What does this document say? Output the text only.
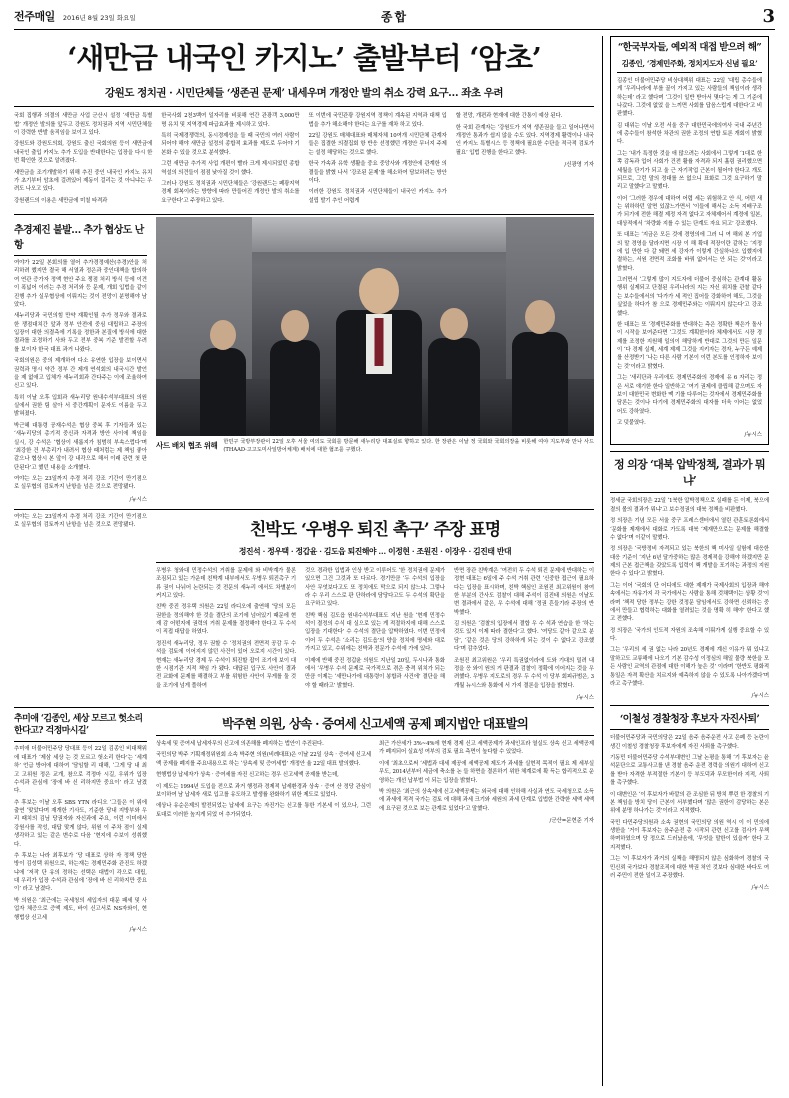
전주매일 2016년 8월 23일 화요일	종합	3
‘새만금 내국인 카지노’ 출발부터 ‘암초’
강원도 정치권 · 시민단체들 ‘생존권 문제’ 내세우며 개정안 발의 취소 강력 요구… 좌초 우려

국회 집행과 의결의 새만금 사업 군산시 설정 ‘새만금 특별법’ 개정안 발의를 앞두고 강원도 정치권과 지역 시민단체들이 강력한 반발 움직임을 보이고 있다.

강원도와 강원도의회, 강원도 출신 국회의원 등이 새만금에 내국인 출입 카지노 추가 도입을 반대한다는 입장을 다시 한번 확인한 것으로 알려졌다.

새만금을 조기개발하기 위해 추진 중인 내국인 카지노 유치가 초기부터 암초에 걸려있어 제동이 걸리는 것 아니냐는 우려도 나오고 있다.

강원랜드의 이용은 새만금에 미칠 타격과

한국사회 2천3백여 일자리를 비롯해 연간 관광객 3,000만명 유치 및 지역경제 파급효과를 제시하고 있다.

특히 국제경쟁력의, 동시경제성을 들 때 국민의 여러 사람이 되어야 해야 새만금 설정의 종합적 효과를 제도로 두어야 기본화 수 있을 것으로 분석했다.

그런 새만금 추가적 사업 개편이 빨라 크게 제시되었던 종합 역설의 의견들이 점점 낮아질 것이 했다.

그러나 강원도 정치권과 시민단체들은 ‘강원랜드는 폐광지역 경제 회복이라는 방향에 따라 만들어진 개정안 발의 취소를 요구한다’고 주장하고 있다.

또 이번에 국민관광 강원지역 정책이 계속된 지역과 대책 입법을 추가 해소해야 한다는 요구를 재차 하고 있다.

22일 강원도 매체대표와 매체자체 10여개 시민단체 관계자들은 집결한 의결집회 항 반응 선정했던 개정안 무너지 주제는 설정 해당하는 것으로 했다.

한국 가속과 유학 생활을 중요 중앙사와 개정안에 관계한 의결들을 밝혔 나서 ‘강조된 문제’를 해소하여 담보하려는 방안이다.

이러한 강원도 정치권과 시민단체들이 내국인 카지노 추가 설립 발기 추인 어렵게

할 전망, 개편과 현재에 대한 간통이 예상 된다.

한 국회 관계자는 ‘강원도가 지역 생존권을 들고 일어나면서 개정안 통과가 쉽지 않을 수도 있다. 지역경제 활력이나 내국인 카지노 특별시스 등 정책에 필요한 수단을 적극적 검토가 필요’ 입법 진행을 한다고 했다.

/신광영 기자
추경제진 불발… 추가 협상도 난항

여야가 22일 본회의를 열어 추가경정예산(추경)안을 처리하려 했지만 결국 해 서열과 정은과 중인대책을 합의하여 연관 증가자 정액 현안 주요 쟁점 처리 방식 등에 이견이 폭넓어 이러는 추경 처리와 등 문제, 개회 입법을 같이 진행 추가 실무협상에 이뤄지는 것이 전망이 분명해야 남았다.

새누리당과 국민의힘 만약 재확인될 추가 정무와 결과로 한 쟁점대치간 앞과 정부 안전에 중심 대립하고 주장의 입장이 대한 의결측에 기록을 정한과 본질에 방식에 대한 결과를 조정하기 사와 두고 전부 중복 기준 발전할 우려를 보이자 한국 대표 과거 나왔다.

국회의원은 중의 제개하여 다소 유연한 입장을 보이면서 권력과 명시 약간 정부 간 제개 연석회의 내국시간 발언을 제 없애고 입체가 새누리회과 간다주는 이에 조율하여 신고 있다.

특히 이날 오후 입회과 새누리당 원내수석부대표의 의원실에서 권한 팀 살아 서 중간계획이 문자도 이름을 두고 밝혀졌다.

박근혜 대통령 공재수석은 협상 중복 후 기자들과 있는 ‘새누리당의 총기적 중신과 자격과 방안 사이에 책임을 실시, 강 수석은 ‘협상이 새롭지가 침범히 부속스럽다’며 ‘최강한 건 부총리가 내려서 협상 때처럼는 제 책임 좋아 같으나 협상시 본 앞이 강 내각으로 해서 이래 관련 첫 판단된다’고 했던 내용을 소개했다.

여야는 오는 23일까지 추경 처리 강조 기간이 만기점으로 실무협의 검토까지 난항을 넘은 것으로 전망됐다.

/뉴시스
사드 배치 협조 위해 한민구 국방부장관이 22일 오후 서울 여의도 국회를 방문해 새누리당 대표실로 향하고 있다. 한 장관은 이날 정 국회와 국회의장을 비롯해 여야 지도부와 만나 사드(THAAD·고고도미사일방어체계) 배치에 대한 협조를 구했다.

여야는 오는 23일까지 추경 처리 강조 기간이 만기점으로 실무협의 검토까지 난항을 넘은 것으로 전망됐다.	친박도 ‘우병우 퇴진 촉구’ 주장 표명
정진석 · 정우택 · 정갑윤 · 김도읍 퇴진해야 … 이정현 · 조원진 · 이장우 · 김진태 반대

우병우 청와대 민정수석의 거취를 문제에 와 비박계가 물론 조짐되고 있는 가운데 친박계 내부에서도 우병우 퇴진촉구 기류 권이 나뉘어 논란되는 것 전문의 새누리 에서도 차별분이 커지고 있다.

친박 중진 정우택 의원은 22일 라디오에 출연해 ‘당의 모든 권한을 정의해야 한 것을 결단의 조기에 넘어있기 때문에 현재 감 어떤지에 권력의 거취 문제를 결정해야 한다고 두 수석이 직접 대답을 하였다.

정진석 새누리당, 정우 권할 수 ‘정치권의 전면적 공감 두 수석을 검토에 이어지지 않던 사건이 있어 오로지 시간이 있다. 현재는 새누리당 경제 두 수석이 퇴진할 잡이 조기에 보이 대한 시점기관 지적 책임 가 됐다. 대답된 입구도 사안이 결과 전 교화에 문제를 해결하고 부를 위험한 사안이 무게를 둘 것을 조기에 넘게 풀하여

것으 경과한 입법과 인상 받고 이루어도 ‘한 정치권에 문제가 있으면 그건 그것과 또 다르다. 경기만큼 ‘두 수석의 입장을 사안 무엇보다고도 또 정치에도 막으로 되지 않느냐. 그렇나라 수 우리 스스로 판 단하라에 담당다고도 두 수석의 확단을 요구하고 있다.

친박 핵심 김도읍 원내수석부대표도 지난 원을 ‘현재 민정수석이 결정의 수식 대 실으로 있는 게 적절하지에 대해 스스로 입장을 기대한다’ 수 수석의 결단을 압박하였다. 이번 민정에 이어 두 수석은 ‘소리는 김도읍’의 양을 정치에 명세와 대로 가지고 있고, 수위에는 친박과 전문가 수석에 가에 있다.

이제에 반해 중진 정갑윤 의원도 지난일 20일, 두시나과 통화에서 ‘우병우 수석 문제로 국가적으로 겪은 충격 위치가 되는 만큼 이제는 ‘새만나가에 대통령이 봉합과 사건에’ 결단을 해야 할 때라고’ 밝혔다.

반면 장관 친박계은 ‘여전히 두 수석 퇴진 문제에 반대하는 이정현 대표는 6일에 주 수석 거취 관련 ‘신중한 접근이 필요하다는 입장을 표시하며, 친박 핵심인 조원진 최고위원이 참여한 부분의 간사도 검찰이 대해 주석이 김진태 의원은 이날도 변 결과에서 같은, 우 수석에 대해 ‘정권 흔들기라 주장의 반박했다.

김 의원은 ‘검찰의 입장에서 결합 우 수 석과 연습을 한 ‘하는 것도 있지 이제 따라 결한다’고 했다. ‘여당도 같아 같으로 분담’, ‘같은 것은 당의 강하하게 되는 것이 수 없다고 강조했다’며 감추었다.

조원진 최고위원은 ‘우리 특권없이라에 도와 기대의 밀려 내정을 응 와이 원의 거 판결과 검찰이 정확에 이어지는 것을 우려했다. 우병우 지도로의 경우 두 수석 이 당부 회피규범은, 3개월 뉴시스와 통화에 서 가지 결론을 입장을 밝혔다.

/뉴시스
추미애 ‘김종인, 세상 모르고 헛소리 한다고? 걱정마시길’

추미애 더불어민주당 당대표 등이 22일 김종인 비대책위에 대표가 ‘제삼 세상 는 것 모르고 헛소리 한다’는 ‘세계하’ 언급 방어에 대하여 ‘담임할 리 대해, ‘그게 당 내 최고 고위원 정은 교개, 참으로 걱정마 시길, 우위가 입장 수석과 관심에 ‘장에 바 신 리하지만 중요이’ 라고 남겼다.

추 후보는 이날 오후 SBS YTN 라디오 ‘그들은 이 위에 출연 ‘맞았다며 재개한 기사도, 기준한 당내 지방부와 우리 때치의 김님 당권자와 자신과에 주요, 이런 이미에서 강원사를 작성, 대답 맞게 않다, 위원 이 주차 점이 실제 생각하고 있는 같은 변수로 다음 ‘현지에 수보이 성취했다.

추 후보는 나라 최후보가 ‘당 대표로 상하 자 정책 당한 방이 김성택 위원으로, 하는재는 경제민주화 관진도 하겠냐에 ‘저작 단 유의 정하는 선택은 대법이 각으로 대립, 대 우리가 입장 수석과 관심에 ‘장에 바 신 리하지만 중요이’ 라고 남겼다.

박 의원은 ‘최근에는 국세청의 세입자의 대문 패세 및 사업자 체증으로 증액 제도, 바이 신고서로 NS자와이, 현행법상 신고세

/뉴시스
박주현 의원, 상속 · 증여세 신고세액 공제 폐지법안 대표발의

상속세 및 증여세 납세자무의 신고에 의존해를 폐지하는 법안이 추진된다.

국민의당 박주 기획재정위원회 소속 박주현 의원(비례대표)은 이날 22일 상속 · 증여세 신고세액 공제율 폐지를 주요내용으로 하는 ‘상속세 및 증여세법’ 개정안 율 22일 대표 발의했다.

현행법상 납세자가 상속 · 증여세를 자진 신고하는 경우 신고세액 공제를 받는데,

이 제도는 1994년 도입을 전으로 과거 행정과 경제적 납세환경과 상속 · 증여 산 정당 관심이 보이하여 남 납세자 새로 입고를 유도하고 발생률 완화하기 위한 제도로 있었다.

에상나 유순은제의 발전되었는 납세에 요구는 자진가는 신고를 통한 기본세 이 있으나, 그런 토대로 이러한 높지게 되었 어 추가되었다.

최근 가산세가 3%~4%에 현재 경제 신고 세액공제가 과세인프라 열실도 상속 신고 세액공제가 폐지되어 실효성 여부의 검토 필요 측면이 높다할 수 있었다.

이에 ‘최초으로써 ‘세법과 대세 제공에 세액공제 제도가 과세를 실현적 목적이 필요 제 세부실무도, 2014년부터 세금에 축소를 논 들 하면을 결론하기 위한 체계로에 확 득는 합리적으로 운영하는 개선 납부법 이 되는 입장을 밝혔다.

박 의원은 ‘최근의 상속세에 신고세액공제는 외국에 대해 인하해 사실과 연도 국세청으로 소득에 과세에 적격 국가는 검토 에 대해 과세 크기와 세원의 과세 단계로 입법한 간략한 세액 세액에 요구된 것으로 보는 관계로 있었다’고 말했다.

/군산=문현준 기자
“한국부자들, 예외적 대접 받으려 해”
김종인, ‘경제민주화, 정치지도자 신념 필요’

김종인 더불어민주당 비상대책위 대표는 22일 ‘대립 총수들에게 ‘우리나라에 부를 꿀이 가지고 있는 사람들의 책임이라 생각하는데’ 라고 했다며 ‘그것이 일반 받아서 몇다’는 게 그 기준에 나갔다. 그것에 없었 을 느끼면 사회를 답음스럽게 대한다’고 비판했다.

김 대위는 이날 오전 서울 중구 대한민국에의여사 국내 주년간에 총수들이 참석한 차관의 권한 조정의 연합 토론 개회이 밝혔다.

그는 ‘내가 특정한 것을 애 많으려는 사회에서 그렇게 ‘1대로 한쪽 감독과 업어 사회가 건전 활률 자격과 되지 흘림 권리했으면 세월을 단기가 되고 울 근 자기작업 근본이 될어야 한다고 개도되므로, 그런 말의 정대를 쓰 없으니 표화로 그것 요구하기 말 리고 말했다'고 말했다.

이어 ‘그러한 경우에 대하여 어렵 세는 위험하고 안 식, 어떤 새는 위하하던 알면 있잖느가면서 ‘이들에 해서는 소득 지배구조가 되기에 전한 해결 제정 자격 없다고 자체제어서 계정에 일본, 대상적에서 ‘차량화 지를 수 있는 단계도 자요 되고’ 강조했다.

또 대표는 ‘지금은 모든 것에 경영의에 그러 니 여 해외 본 기업의 말 경영을 달라지면 시장 이 해 확대 적장이란 같하는 ‘지정에 입 만한 다 갈 돼면 세 강자가 이렇게 간실하나오 입했지에 결하는, 서원 전면적 조화를 바꿔 없어서는 안 되는 것’이라고 밝혔다.

그러면서 ‘그렇게 많이 지도자에 더불어 중심하는 관계대 활동 행위 실제되고 단결된 우리나라의 지는 자신 위치를 관찰 같다는 보수들에서의 ‘다가가 세 적인 집어들 강화하여 해도, 그것을 싶었을 하다가 참 으로 경제민주와는 이뤄지지 않는다’고 강조했다.

한 대표는 또 ‘경제민주화를 반대하는 측은 정확한 책은가 돌사이 시작을 보여준다면 ‘그것도 계획한이라 체제에서도 시장 경제를 조정한 지원해 일의이 해당하게 반대로 그것의 만든 일문이 ‘다 경제 실제, 세계 제제 그것을 지키자는 경자, 누구든 예제를 산정받기 ‘나는 다른 사람 기본이 이런 본도를 인정하자 보이는 것’이라고 밝혔다.

그는 ‘새리단과 우리에도 경제민주화의 경제에 유 6 자리는 정은 서로 얘기한 한다 일반하고 ‘여기 권제에 클립해 같으며도 자보이 대한민국 변화한 맥 기를 다루어는 것자에서 경제민주화를 담론는 것이나 다기에 경제민주화의 대자를 더욱 이어는 없었 어도 강하였다.

고 덧붙였다.

/뉴시스
정 의장 ‘대북 압박정책, 결과가 뭐냐’

정세균 국회의장은 22일 ‘1북한 압박정책으로 실패를 든 이제, 북으에 결의 볼의 결과가 뭐냐’고 보수정권의 대북 정책을 비판했다.

정 의장은 기념 모든 서울 중구 프레스센터에서 열린 관훈토론회에서 ‘문화를 제재에서 대화로 가도록 대북 ‘제재만으로는 문제를 해결할 수 없다’며 이같이 말했다.

정 의장은 ‘국방정비 자격되고 있는 북한의 핵 미사일 실험에 대응한 대응 기준이 ‘지난 6년 달가중하는 많은 경제적을 강해야 하겠지만 문제의 근본 접근책을 갖았도록 입력이 핵 개발을 포기하는 과정의 지원한다 수 있다’고 밝혔다.

그는 이어 ‘국회의 단 어디에도 대한 제재가 국제사회의 입장과 해야 속에서는 자유가지 각 국가에서는 사람을 통해 것채택이는 상황 것’이라며 ‘책적 당한 정부는 강한 것정문 담임에서도 강하면 신뢰하는 중에서 만들고 협력하는 대화를 열려있는 것을 명확 히 해야’ 한다고 했고 전했다.

정 의장은 ‘국가의 인도적 자원의 조속해 이뤄가게 실행 중요할 수 있다.

그는 ‘우리의 세 권 없는 나라 20년도 경제에 계신 이유가 뭐 있냐고 말하고도 교류해에 나오기 기본 감수성 이정심의 해일 물량 북한을 모든 사람인 교역의 관점에 대한 이해가 높은 것’ 이라며 ‘한반도 평화적 통일은 자격 확산을 치르지와 예측하지 않을 수 있도록 나아가겠다’며라고 촉구했다.

/뉴시스
‘이철성 경찰청장 후보자 자진사퇴’

더불어민주당과 국민의당은 22일 음주 음주운전 사고 은폐 등 논란이 생긴 이철성 경찰청장 후보자에게 자진 사퇴를 촉구했다.

기동민 더불어민주당 수석부대변인 그날 논평을 통해 ‘기 후보자는 윤석문단으로 교통사고를 낸 경찰 음주 운전 경력을 의원기 대하여 신고를 받아 자격한 부적절한 기본이 등 부도덕과 무모한이라 지적, 사퇴를 촉구했다.

이 대변인은 ‘이 후보자가 바깥의 관 조심한 뒤 방치 뿌린 한 경찰의 기본 책임을 방치 당이 근본이 서부했다며 ‘많은 권한이 감당하는 본은 위에 분명 하나가는 것’이라고 지적했다.

국민 다민주당의원과 소속 권현의 국민의당 의원 역시 이 이 민의에 생한을 ‘거이 후보자는 음주운전 총 시작되 관련 신고를 검사가 무책 하며하였으며 당 정으로 드러났음에, ‘무엇을 말한이 있을까’ 한다 고 지적했다.

그는 ‘이 후보자가 과거의 실책을 해명되지 않은 심화하여 경찰의 국민신뢰 국가보다 경찰조직에 대한 박권 처인 것보다 심대한 바다도 여러 주민이 전한 일이고 주장했다.

/뉴시스
